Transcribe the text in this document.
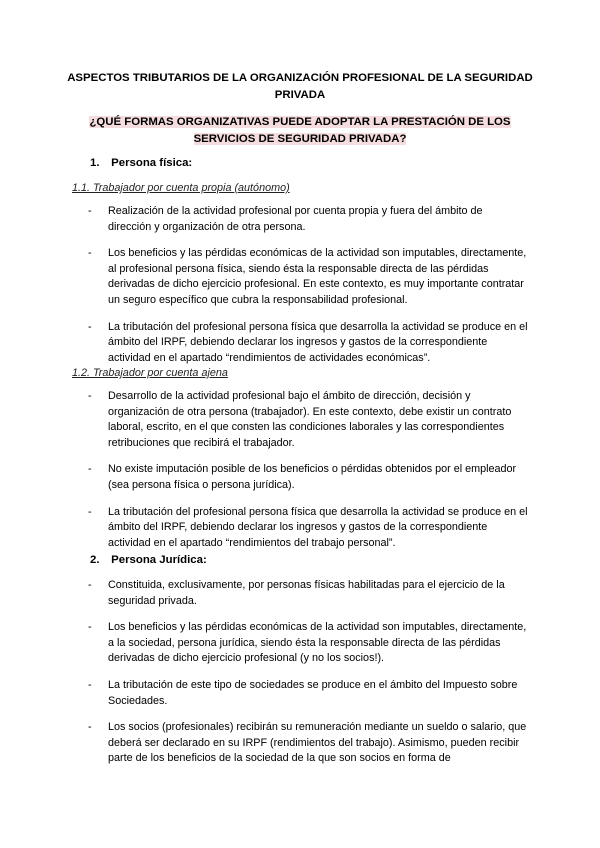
ASPECTOS TRIBUTARIOS DE LA ORGANIZACIÓN PROFESIONAL DE LA SEGURIDAD PRIVADA
¿QUÉ FORMAS ORGANIZATIVAS PUEDE ADOPTAR LA PRESTACIÓN DE LOS SERVICIOS DE SEGURIDAD PRIVADA?
1. Persona física:
1.1. Trabajador por cuenta propia (autónomo)
- Realización de la actividad profesional por cuenta propia y fuera del ámbito de dirección y organización de otra persona.
- Los beneficios y las pérdidas económicas de la actividad son imputables, directamente, al profesional persona física, siendo ésta la responsable directa de las pérdidas derivadas de dicho ejercicio profesional. En este contexto, es muy importante contratar un seguro específico que cubra la responsabilidad profesional.
- La tributación del profesional persona física que desarrolla la actividad se produce en el ámbito del IRPF, debiendo declarar los ingresos y gastos de la correspondiente actividad en el apartado “rendimientos de actividades económicas”.
1.2. Trabajador por cuenta ajena
- Desarrollo de la actividad profesional bajo el ámbito de dirección, decisión y organización de otra persona (trabajador). En este contexto, debe existir un contrato laboral, escrito, en el que consten las condiciones laborales y las correspondientes retribuciones que recibirá el trabajador.
- No existe imputación posible de los beneficios o pérdidas obtenidos por el empleador (sea persona física o persona jurídica).
- La tributación del profesional persona física que desarrolla la actividad se produce en el ámbito del IRPF, debiendo declarar los ingresos y gastos de la correspondiente actividad en el apartado “rendimientos del trabajo personal”.
2. Persona Jurídica:
- Constituida, exclusivamente, por personas físicas habilitadas para el ejercicio de la seguridad privada.
- Los beneficios y las pérdidas económicas de la actividad son imputables, directamente, a la sociedad, persona jurídica, siendo ésta la responsable directa de las pérdidas derivadas de dicho ejercicio profesional (y no los socios!).
- La tributación de este tipo de sociedades se produce en el ámbito del Impuesto sobre Sociedades.
- Los socios (profesionales) recibirán su remuneración mediante un sueldo o salario, que deberá ser declarado en su IRPF (rendimientos del trabajo). Asimismo, pueden recibir parte de los beneficios de la sociedad de la que son socios en forma de
